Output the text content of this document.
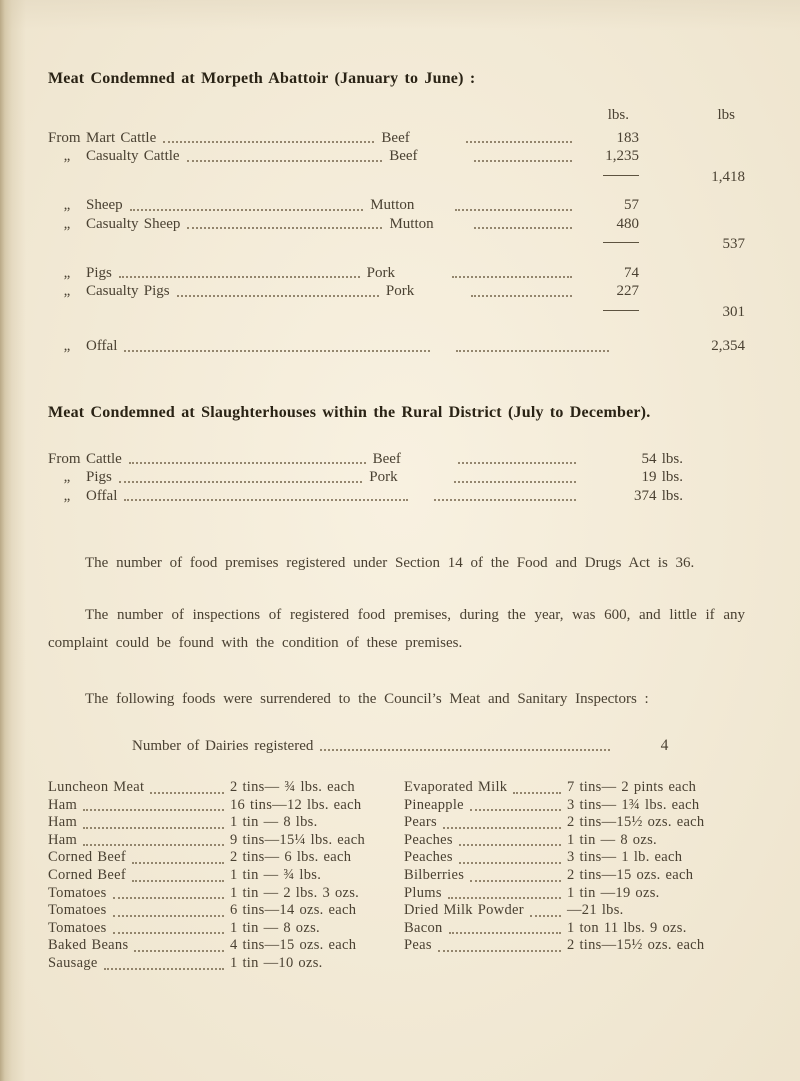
Meat Condemned at Morpeth Abattoir (January to June) :
lbs.	lbs
From Mart Cattle	Beef	183
„	Casualty Cattle	Beef	1,235
1,418
„	Sheep	Mutton	57
„	Casualty Sheep	Mutton	480
537
„	Pigs	Pork	74
„	Casualty Pigs	Pork	227
301
„	Offal	2,354
Meat Condemned at Slaughterhouses within the Rural District (July to December).
From Cattle	Beef	54 lbs.
„	Pigs	Pork	19 lbs.
„	Offal	374 lbs.

The number of food premises registered under Section 14 of the Food and Drugs Act is 36.

The number of inspections of registered food premises, during the year, was 600, and little if any complaint could be found with the condition of these premises.

The following foods were surrendered to the Council’s Meat and Sanitary Inspectors :

Number of Dairies registered	4
Luncheon Meat	2 tins— ¾ lbs. each
Ham	16 tins—12 lbs. each
Ham	1 tin — 8 lbs.
Ham	9 tins—15¼ lbs. each
Corned Beef	2 tins— 6 lbs. each
Corned Beef	1 tin — ¾ lbs.
Tomatoes	1 tin — 2 lbs. 3 ozs.
Tomatoes	6 tins—14 ozs. each
Tomatoes	1 tin — 8 ozs.
Baked Beans	4 tins—15 ozs. each
Sausage	1 tin —10 ozs.
Evaporated Milk	7 tins— 2 pints each
Pineapple	3 tins— 1¾ lbs. each
Pears	2 tins—15½ ozs. each
Peaches	1 tin — 8 ozs.
Peaches	3 tins— 1 lb. each
Bilberries	2 tins—15 ozs. each
Plums	1 tin —19 ozs.
Dried Milk Powder	—21 lbs.
Bacon	1 ton 11 lbs. 9 ozs.
Peas	2 tins—15½ ozs. each
